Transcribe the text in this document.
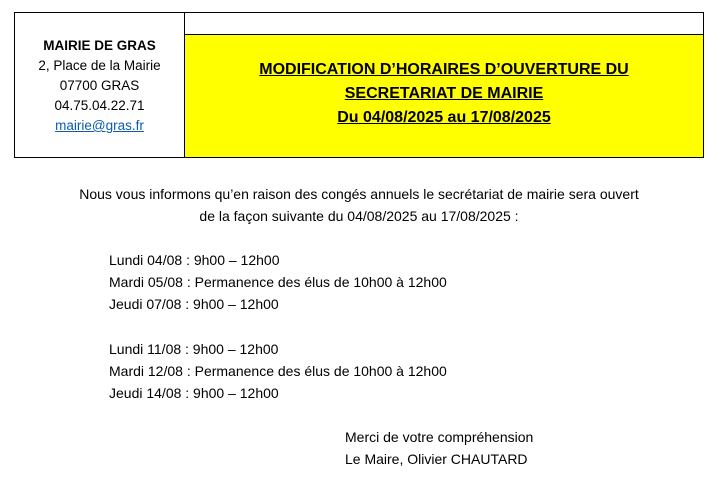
MAIRIE DE GRAS
2, Place de la Mairie
07700 GRAS
04.75.04.22.71
mairie@gras.fr
MODIFICATION D’HORAIRES D’OUVERTURE DU
SECRETARIAT DE MAIRIE
Du 04/08/2025 au 17/08/2025
Nous vous informons qu’en raison des congés annuels le secrétariat de mairie sera ouvert
de la façon suivante du 04/08/2025 au 17/08/2025 :
Lundi 04/08 : 9h00 – 12h00
Mardi 05/08 : Permanence des élus de 10h00 à 12h00
Jeudi 07/08 : 9h00 – 12h00
Lundi 11/08 : 9h00 – 12h00
Mardi 12/08 : Permanence des élus de 10h00 à 12h00
Jeudi 14/08 : 9h00 – 12h00
Merci de votre compréhension
Le Maire, Olivier CHAUTARD
